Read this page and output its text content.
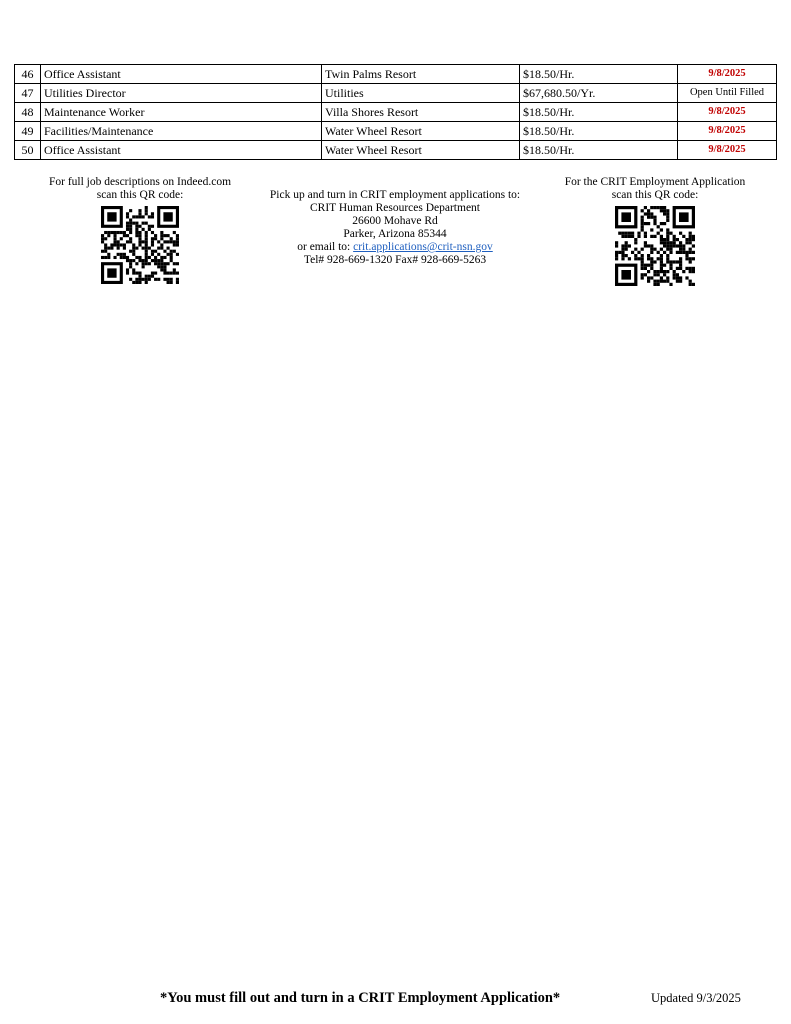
46	Office Assistant	Twin Palms Resort	$18.50/Hr.	9/8/2025
47	Utilities Director	Utilities	$67,680.50/Yr.	Open Until Filled
48	Maintenance Worker	Villa Shores Resort	$18.50/Hr.	9/8/2025
49	Facilities/Maintenance	Water Wheel Resort	$18.50/Hr.	9/8/2025
50	Office Assistant	Water Wheel Resort	$18.50/Hr.	9/8/2025
For full job descriptions on Indeed.com
scan this QR code:	Pick up and turn in CRIT employment applications to:
CRIT Human Resources Department
26600 Mohave Rd
Parker, Arizona 85344
or email to: crit.applications@crit-nsn.gov
Tel# 928-669-1320 Fax# 928-669-5263
For the CRIT Employment Application
scan this QR code:
*You must fill out and turn in a CRIT Employment Application*	Updated 9/3/2025
